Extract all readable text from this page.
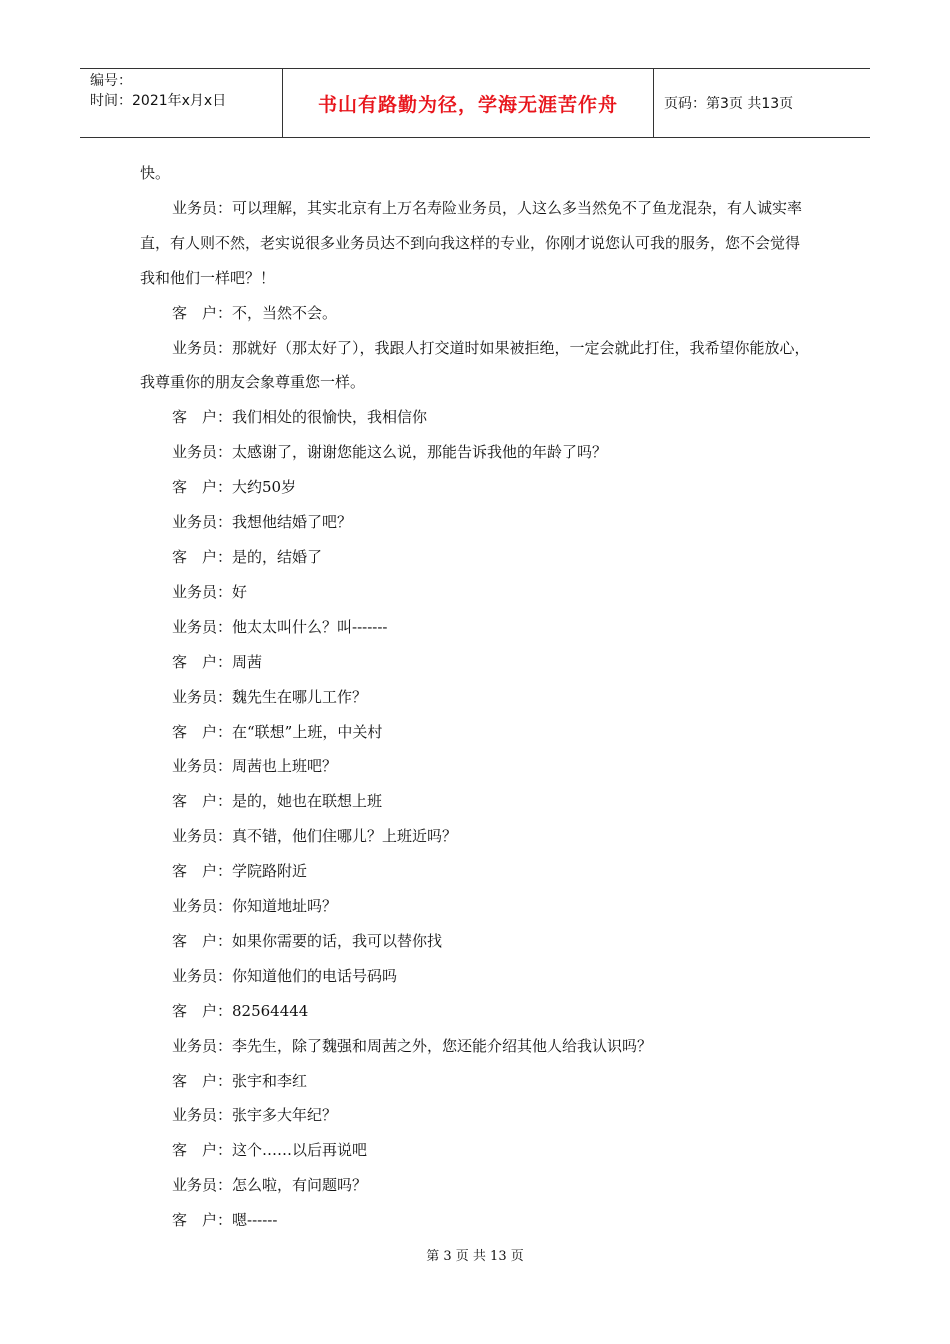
编号：
时间：2021年x月x日	书山有路勤为径，学海无涯苦作舟	页码：第3页 共13页

快。

业务员：可以理解，其实北京有上万名寿险业务员，人这么多当然免不了鱼龙混杂，有人诚实率直，有人则不然，老实说很多业务员达不到向我这样的专业，你刚才说您认可我的服务，您不会觉得我和他们一样吧？！

客　户：不，当然不会。

业务员：那就好（那太好了），我跟人打交道时如果被拒绝，一定会就此打住，我希望你能放心，我尊重你的朋友会象尊重您一样。

客　户：我们相处的很愉快，我相信你

业务员：太感谢了，谢谢您能这么说，那能告诉我他的年龄了吗？

客　户：大约50岁

业务员：我想他结婚了吧？

客　户：是的，结婚了

业务员：好

业务员：他太太叫什么？叫-------

客　户：周茜

业务员：魏先生在哪儿工作？

客　户：在“联想”上班，中关村

业务员：周茜也上班吧？

客　户：是的，她也在联想上班

业务员：真不错，他们住哪儿？上班近吗？

客　户：学院路附近

业务员：你知道地址吗？

客　户：如果你需要的话，我可以替你找

业务员：你知道他们的电话号码吗

客　户：82564444

业务员：李先生，除了魏强和周茜之外，您还能介绍其他人给我认识吗？

客　户：张宇和李红

业务员：张宇多大年纪？

客　户：这个……以后再说吧

业务员：怎么啦，有问题吗？

客　户：嗯------

第 3 页 共 13 页
